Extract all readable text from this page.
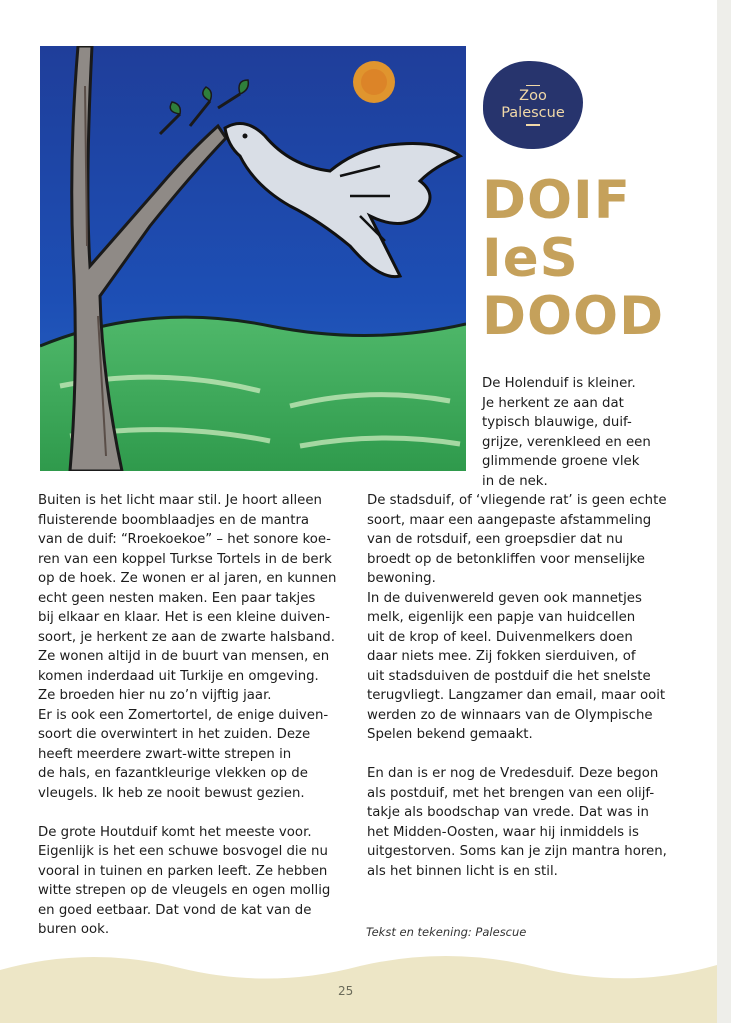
Zoo
Palescue
DOIF
IeS
DOOD
De Holenduif is kleiner.
Je herkent ze aan dat
typisch blauwige, duif-
grijze, verenkleed en een
glimmende groene vlek
in de nek.
Buiten is het licht maar stil. Je hoort alleen
fluisterende boomblaadjes en de mantra
van de duif: “Rroekoekoe” – het sonore koe-
ren van een koppel Turkse Tortels in de berk
op de hoek. Ze wonen er al jaren, en kunnen
echt geen nesten maken. Een paar takjes
bij elkaar en klaar. Het is een kleine duiven-
soort, je herkent ze aan de zwarte halsband.
Ze wonen altijd in de buurt van mensen, en
komen inderdaad uit Turkije en omgeving.
Ze broeden hier nu zo’n vijftig jaar.
Er is ook een Zomertortel, de enige duiven-
soort die overwintert in het zuiden. Deze
heeft meerdere zwart-witte strepen in
de hals, en fazantkleurige vlekken op de
vleugels. Ik heb ze nooit bewust gezien.
De grote Houtduif komt het meeste voor.
Eigenlijk is het een schuwe bosvogel die nu
vooral in tuinen en parken leeft. Ze hebben
witte strepen op de vleugels en ogen mollig
en goed eetbaar. Dat vond de kat van de
buren ook.
De stadsduif, of ‘vliegende rat’ is geen echte
soort, maar een aangepaste afstammeling
van de rotsduif, een groepsdier dat nu
broedt op de betonkliffen voor menselijke
bewoning.
In de duivenwereld geven ook mannetjes
melk, eigenlijk een papje van huidcellen
uit de krop of keel. Duivenmelkers doen
daar niets mee. Zij fokken sierduiven, of
uit stadsduiven de postduif die het snelste
terugvliegt. Langzamer dan email, maar ooit
werden zo de winnaars van de Olympische
Spelen bekend gemaakt.
En dan is er nog de Vredesduif. Deze begon
als postduif, met het brengen van een olijf-
takje als boodschap van vrede. Dat was in
het Midden-Oosten, waar hij inmiddels is
uitgestorven. Soms kan je zijn mantra horen,
als het binnen licht is en stil.
Tekst en tekening: Palescue
25
